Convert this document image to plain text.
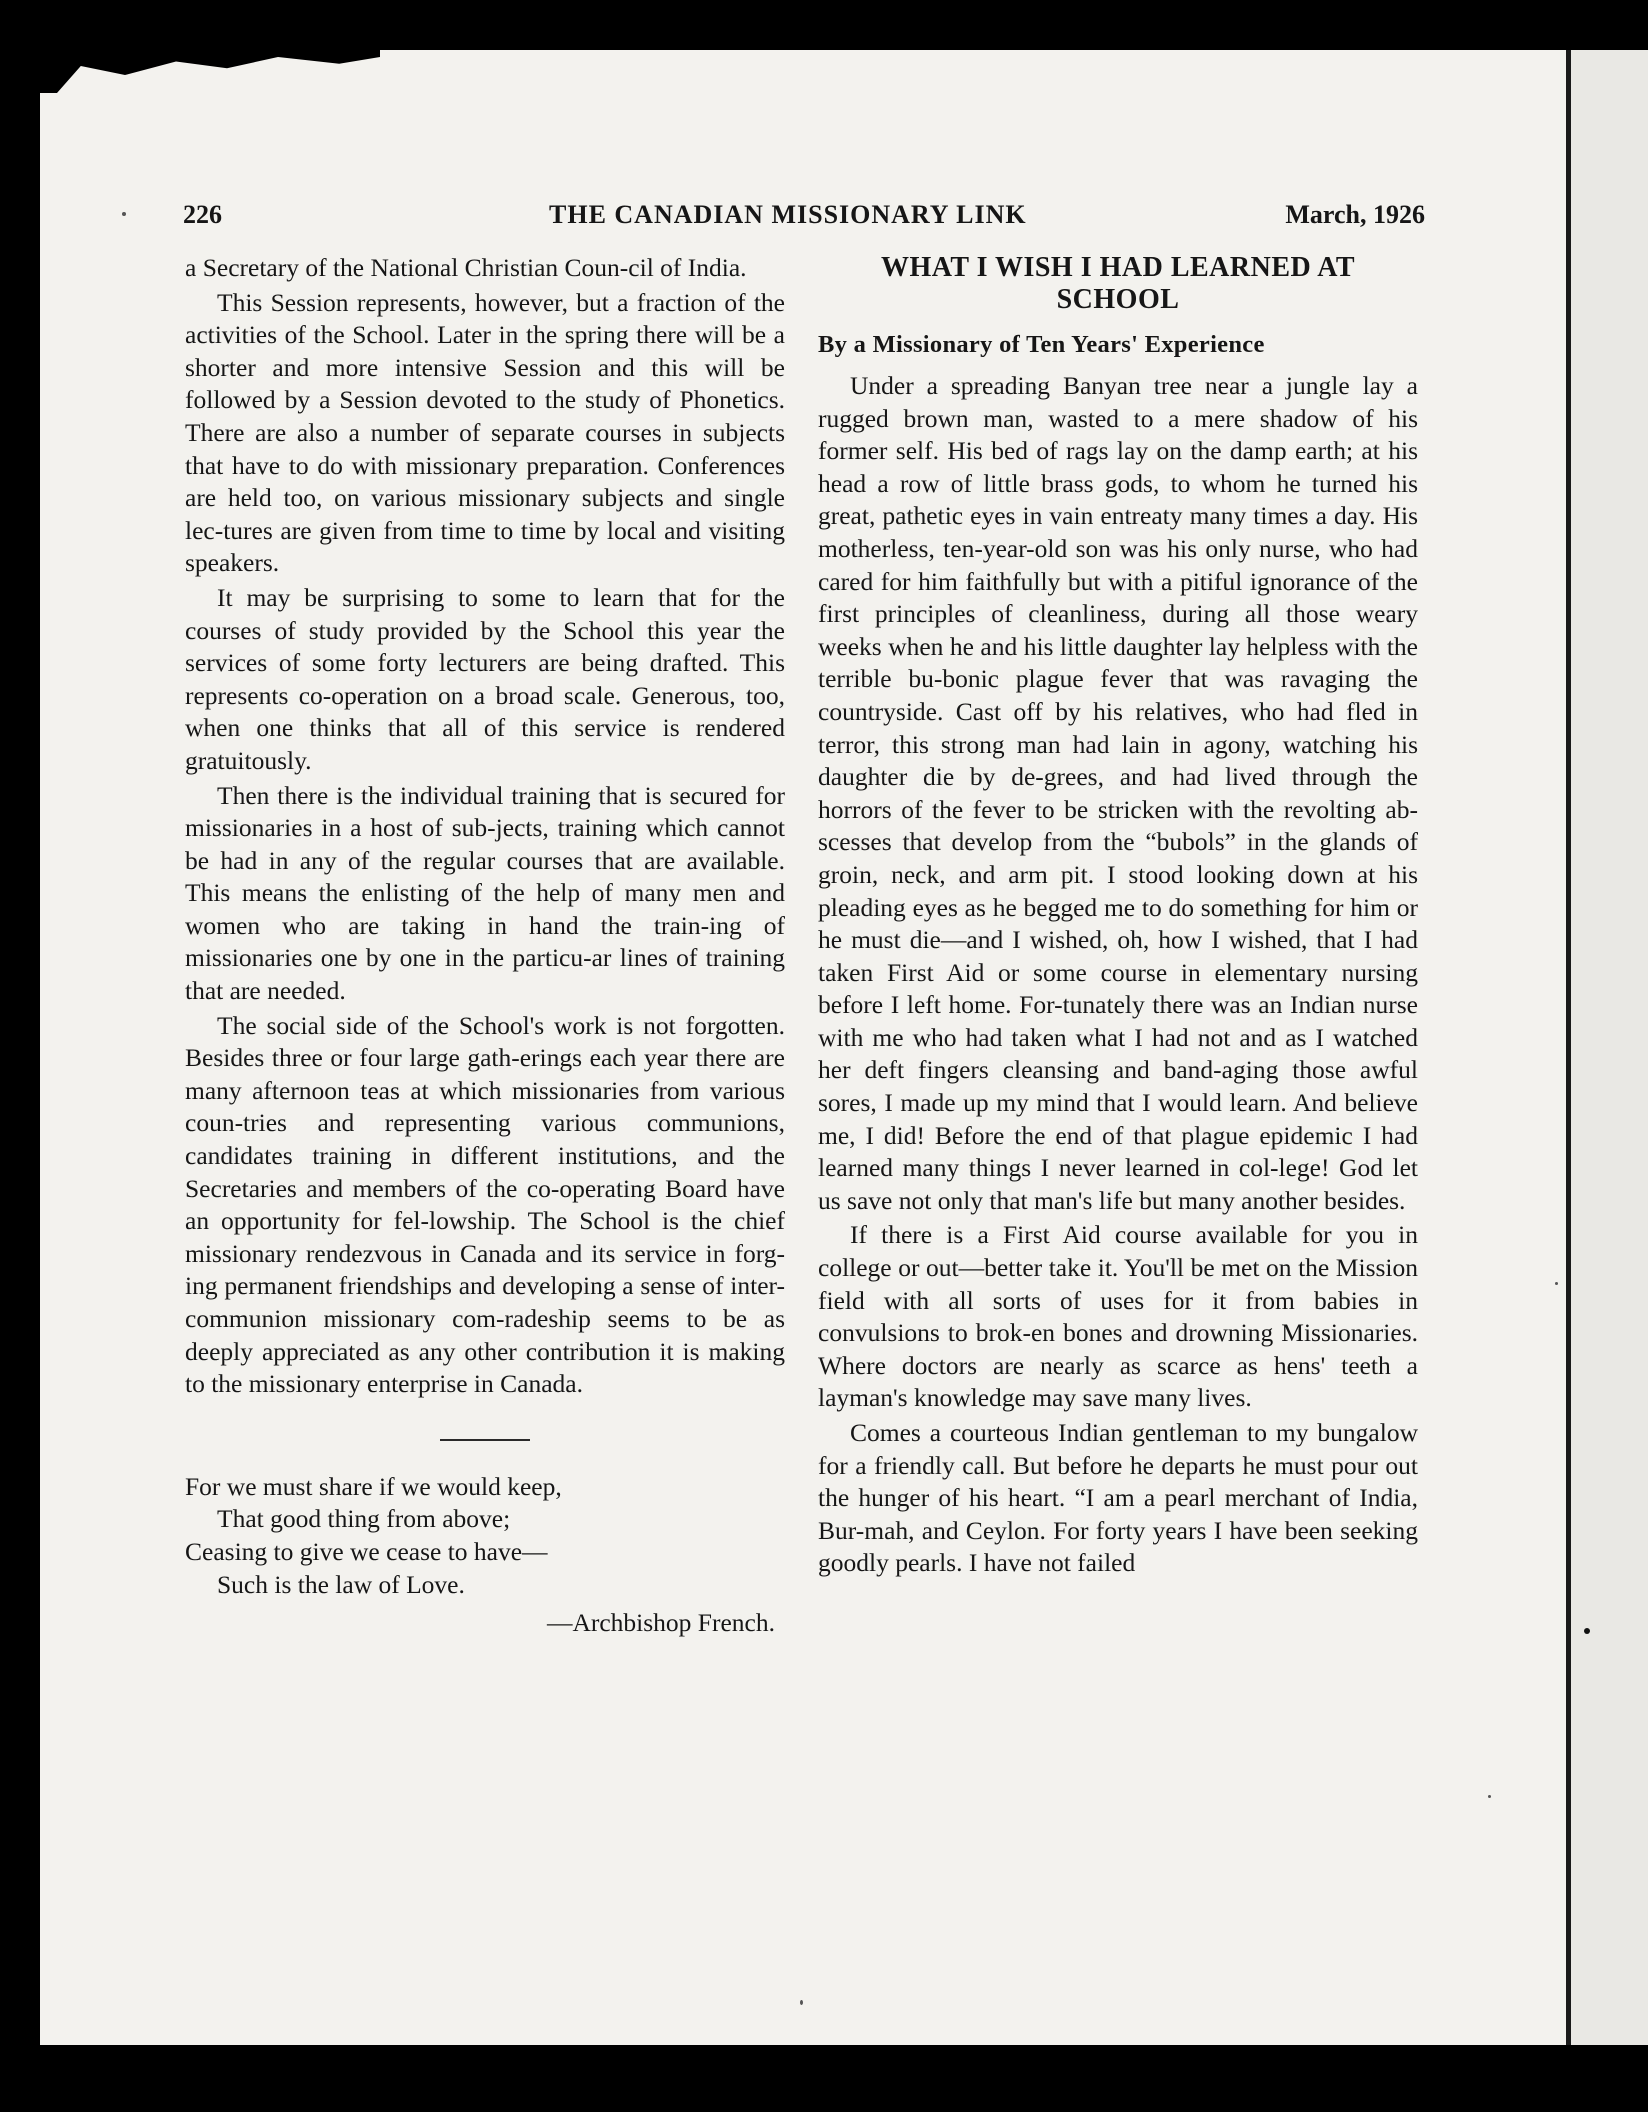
226	THE CANADIAN MISSIONARY LINK	March, 1926

a Secretary of the National Christian Coun-cil of India.

This Session represents, however, but a fraction of the activities of the School. Later in the spring there will be a shorter and more intensive Session and this will be followed by a Session devoted to the study of Phonetics. There are also a number of separate courses in subjects that have to do with missionary preparation. Conferences are held too, on various missionary subjects and single lec-tures are given from time to time by local and visiting speakers.

It may be surprising to some to learn that for the courses of study provided by the School this year the services of some forty lecturers are being drafted. This represents co-operation on a broad scale. Generous, too, when one thinks that all of this service is rendered gratuitously.

Then there is the individual training that is secured for missionaries in a host of sub-jects, training which cannot be had in any of the regular courses that are available. This means the enlisting of the help of many men and women who are taking in hand the train-ing of missionaries one by one in the particu-ar lines of training that are needed.

The social side of the School's work is not forgotten. Besides three or four large gath-erings each year there are many afternoon teas at which missionaries from various coun-tries and representing various communions, candidates training in different institutions, and the Secretaries and members of the co-operating Board have an opportunity for fel-lowship. The School is the chief missionary rendezvous in Canada and its service in forg-ing permanent friendships and developing a sense of inter-communion missionary com-radeship seems to be as deeply appreciated as any other contribution it is making to the missionary enterprise in Canada.

For we must share if we would keep,
That good thing from above;
Ceasing to give we cease to have—
Such is the law of Love.
—Archbishop French.
WHAT I WISH I HAD LEARNED AT SCHOOL
By a Missionary of Ten Years' Experience

Under a spreading Banyan tree near a jungle lay a rugged brown man, wasted to a mere shadow of his former self. His bed of rags lay on the damp earth; at his head a row of little brass gods, to whom he turned his great, pathetic eyes in vain entreaty many times a day. His motherless, ten-year-old son was his only nurse, who had cared for him faithfully but with a pitiful ignorance of the first principles of cleanliness, during all those weary weeks when he and his little daughter lay helpless with the terrible bu-bonic plague fever that was ravaging the countryside. Cast off by his relatives, who had fled in terror, this strong man had lain in agony, watching his daughter die by de-grees, and had lived through the horrors of the fever to be stricken with the revolting ab-scesses that develop from the “bubols” in the glands of groin, neck, and arm pit. I stood looking down at his pleading eyes as he begged me to do something for him or he must die—and I wished, oh, how I wished, that I had taken First Aid or some course in elementary nursing before I left home. For-tunately there was an Indian nurse with me who had taken what I had not and as I watched her deft fingers cleansing and band-aging those awful sores, I made up my mind that I would learn. And believe me, I did! Before the end of that plague epidemic I had learned many things I never learned in col-lege! God let us save not only that man's life but many another besides.

If there is a First Aid course available for you in college or out—better take it. You'll be met on the Mission field with all sorts of uses for it from babies in convulsions to brok-en bones and drowning Missionaries. Where doctors are nearly as scarce as hens' teeth a layman's knowledge may save many lives.

Comes a courteous Indian gentleman to my bungalow for a friendly call. But before he departs he must pour out the hunger of his heart. “I am a pearl merchant of India, Bur-mah, and Ceylon. For forty years I have been seeking goodly pearls. I have not failed
